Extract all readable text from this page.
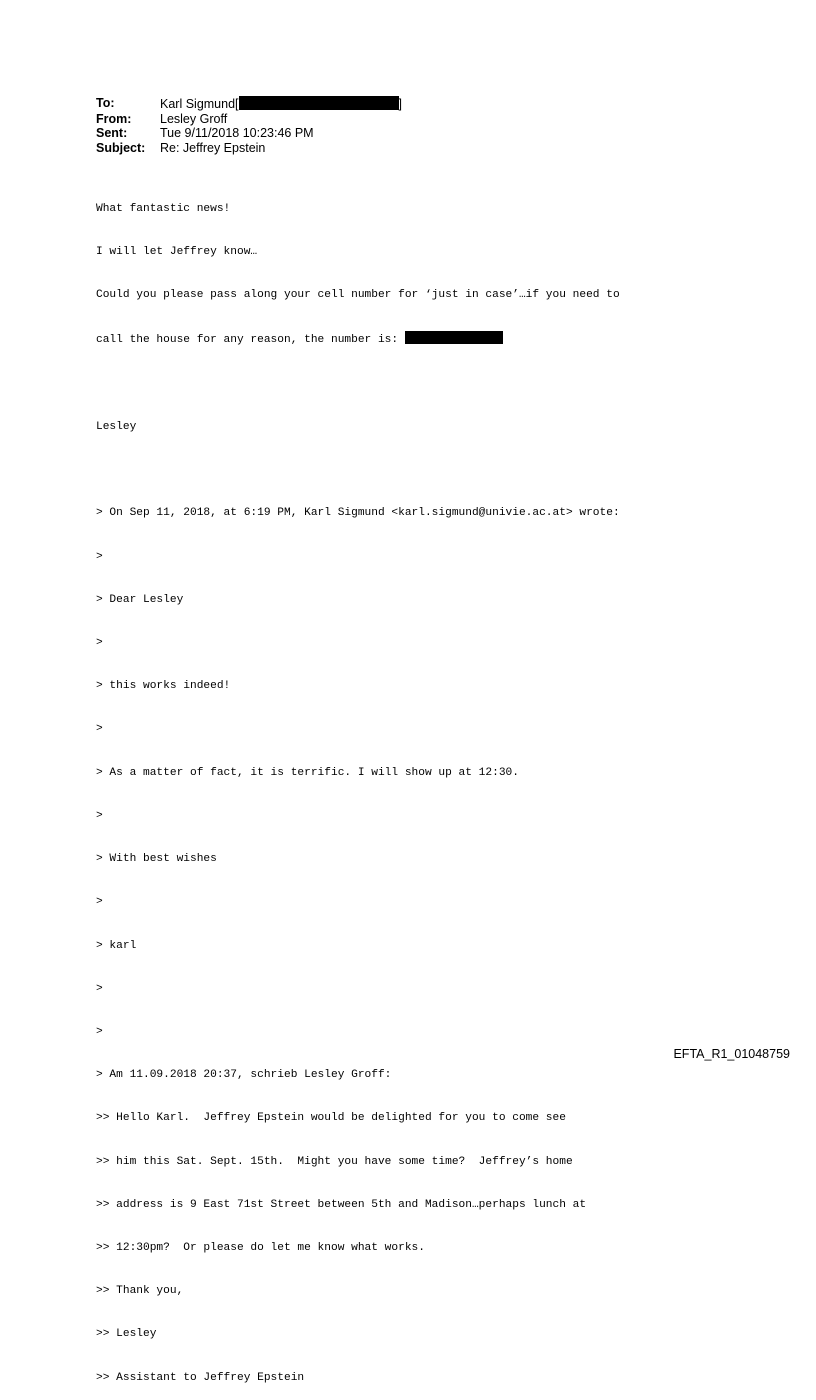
To:	Karl Sigmund[	]
From:	Lesley Groff
Sent:	Tue 9/11/2018 10:23:46 PM
Subject:	Re: Jeffrey Epstein

What fantastic news!

I will let Jeffrey know…

Could you please pass along your cell number for ‘just in case’…if you need to

call the house for any reason, the number is:

Lesley

> On Sep 11, 2018, at 6:19 PM, Karl Sigmund <karl.sigmund@univie.ac.at> wrote:

>

> Dear Lesley

>

> this works indeed!

>

> As a matter of fact, it is terrific. I will show up at 12:30.

>

> With best wishes

>

> karl

>

>

> Am 11.09.2018 20:37, schrieb Lesley Groff:

>> Hello Karl.  Jeffrey Epstein would be delighted for you to come see

>> him this Sat. Sept. 15th.  Might you have some time?  Jeffrey’s home

>> address is 9 East 71st Street between 5th and Madison…perhaps lunch at

>> 12:30pm?  Or please do let me know what works.

>> Thank you,

>> Lesley

>> Assistant to Jeffrey Epstein

EFTA_R1_01048759
